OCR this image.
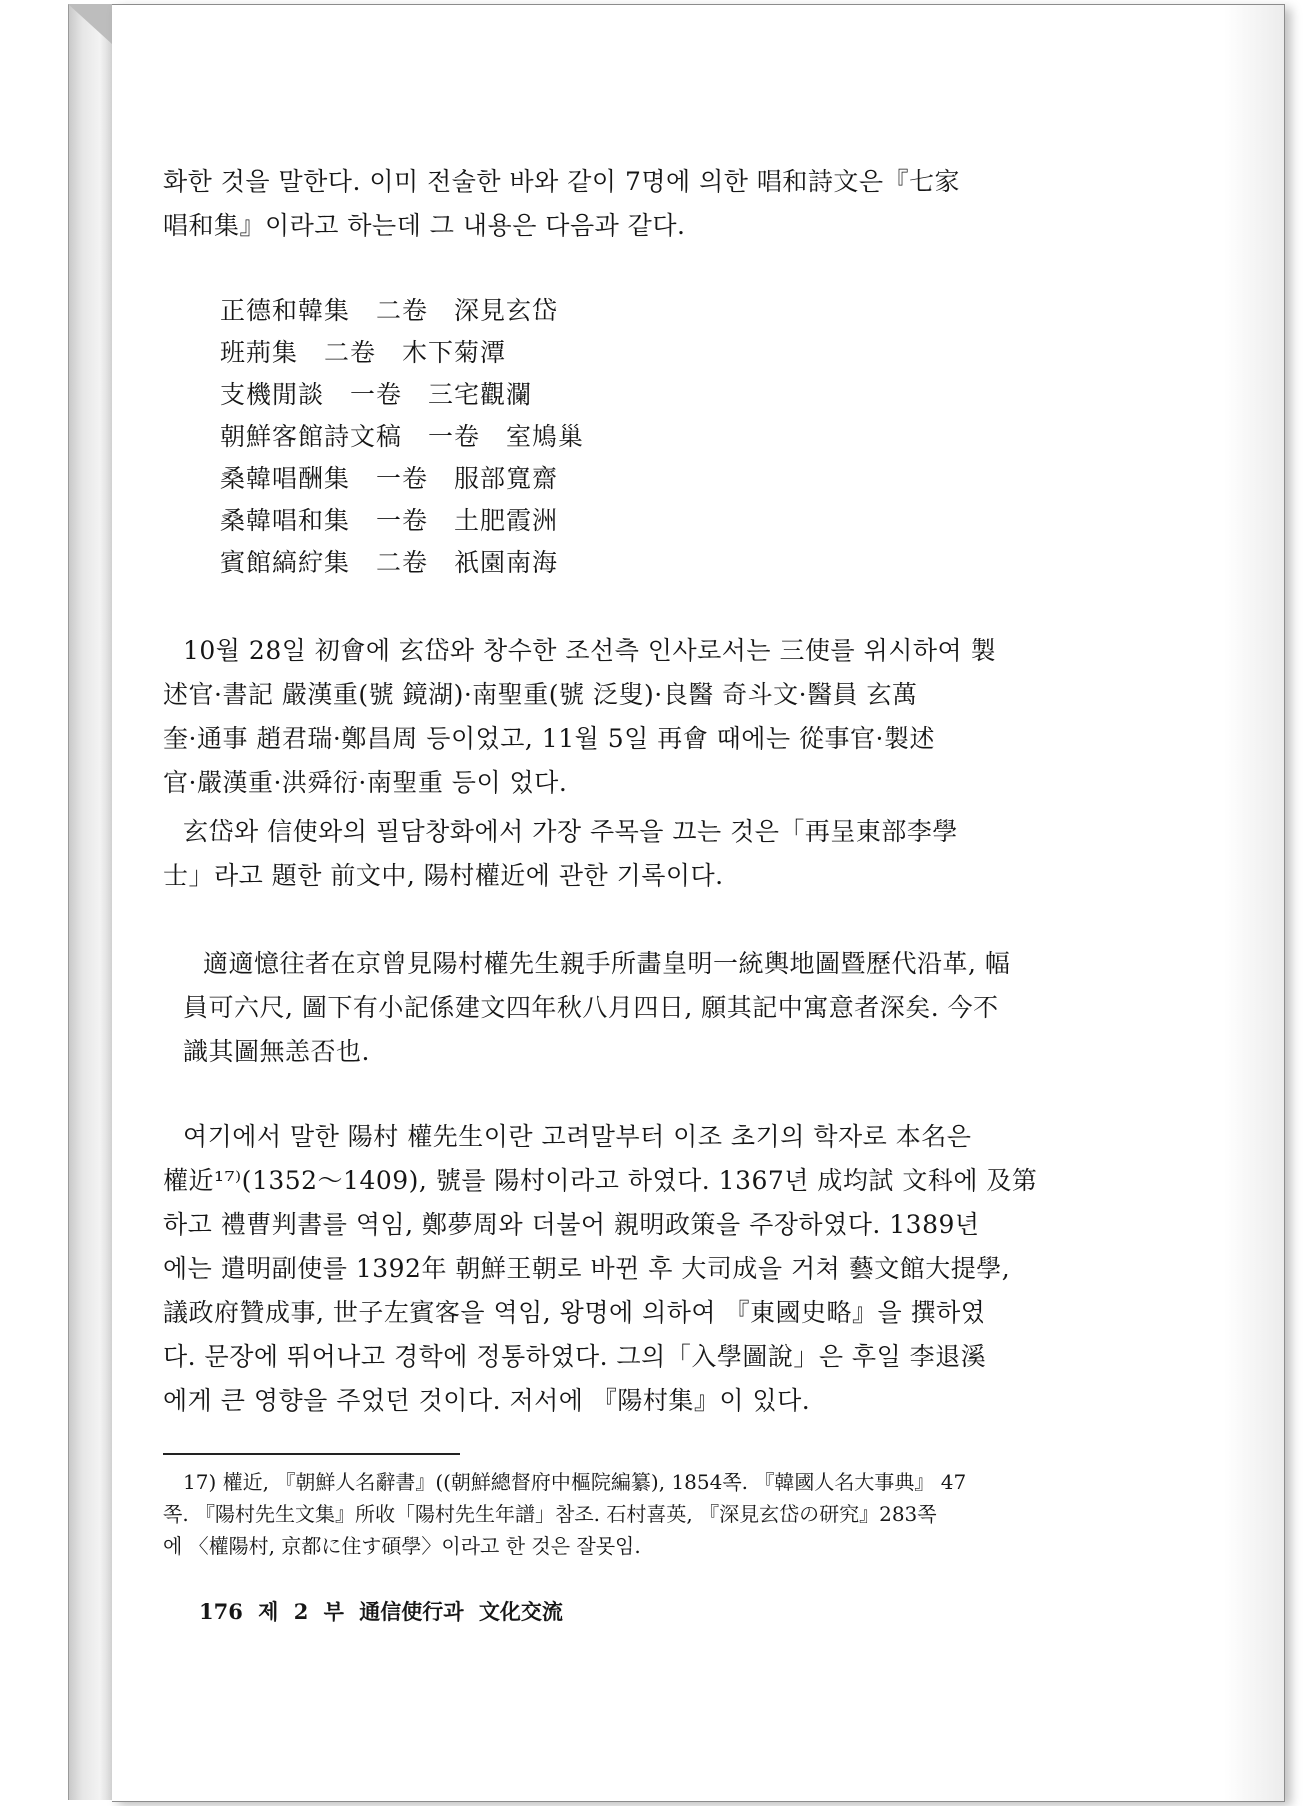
화한 것을 말한다. 이미 전술한 바와 같이 7명에 의한 唱和詩文은『七家
唱和集』이라고 하는데 그 내용은 다음과 같다.
正德和韓集　二卷　深見玄岱
班荊集　二卷　木下菊潭
支機閒談　一卷　三宅觀瀾
朝鮮客館詩文稿　一卷　室鳩巢
桑韓唱酬集　一卷　服部寬齋
桑韓唱和集　一卷　土肥霞洲
賓館縞紵集　二卷　祇園南海
10월 28일 初會에 玄岱와 창수한 조선측 인사로서는 三使를 위시하여 製
述官·書記 嚴漢重(號 鏡湖)·南聖重(號 泛叟)·良醫 奇斗文·醫員 玄萬
奎·通事 趙君瑞·鄭昌周 등이었고, 11월 5일 再會 때에는 從事官·製述
官·嚴漢重·洪舜衍·南聖重 등이 었다.
玄岱와 信使와의 필담창화에서 가장 주목을 끄는 것은「再呈東部李學
士」라고 題한 前文中, 陽村權近에 관한 기록이다.
適適憶往者在京曾見陽村權先生親手所畵皇明一統輿地圖暨歷代沿革, 幅
員可六尺, 圖下有小記係建文四年秋八月四日, 願其記中寓意者深矣. 今不
識其圖無恙否也.
여기에서 말한 陽村 權先生이란 고려말부터 이조 초기의 학자로 本名은
權近¹⁷⁾(1352～1409), 號를 陽村이라고 하였다. 1367년 成均試 文科에 及第
하고 禮曹判書를 역임, 鄭夢周와 더불어 親明政策을 주장하였다. 1389년
에는 遣明副使를 1392年 朝鮮王朝로 바뀐 후 大司成을 거쳐 藝文館大提學,
議政府贊成事, 世子左賓客을 역임, 왕명에 의하여 『東國史略』을 撰하였
다. 문장에 뛰어나고 경학에 정통하였다. 그의「入學圖說」은 후일 李退溪
에게 큰 영향을 주었던 것이다. 저서에 『陽村集』이 있다.
17) 權近, 『朝鮮人名辭書』((朝鮮總督府中樞院編纂), 1854쪽. 『韓國人名大事典』 47
쪽. 『陽村先生文集』所收「陽村先生年譜」참조. 石村喜英, 『深見玄岱の研究』283쪽
에 〈權陽村, 京都に住す碩學〉이라고 한 것은 잘못임.
176 제 2 부 通信使行과 文化交流
